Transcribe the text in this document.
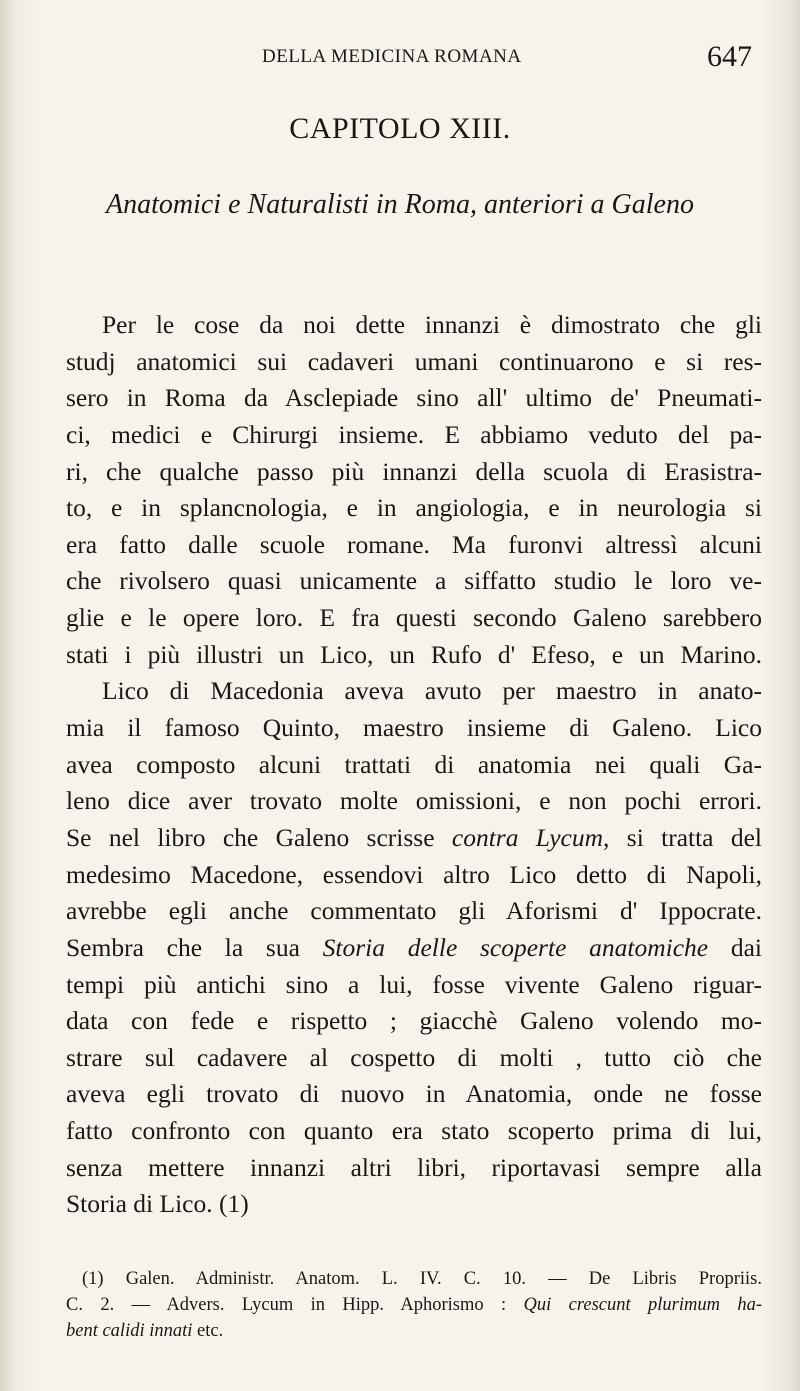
DELLA MEDICINA ROMANA	647
CAPITOLO XIII.
Anatomici e Naturalisti in Roma, anteriori a Galeno
Per le cose da noi dette innanzi è dimostrato che gli
studj anatomici sui cadaveri umani continuarono e si res-
sero in Roma da Asclepiade sino all' ultimo de' Pneumati-
ci, medici e Chirurgi insieme. E abbiamo veduto del pa-
ri, che qualche passo più innanzi della scuola di Erasistra-
to, e in splancnologia, e in angiologia, e in neurologia si
era fatto dalle scuole romane. Ma furonvi altressì alcuni
che rivolsero quasi unicamente a siffatto studio le loro ve-
glie e le opere loro. E fra questi secondo Galeno sarebbero
stati i più illustri un Lico, un Rufo d' Efeso, e un Marino.
Lico di Macedonia aveva avuto per maestro in anato-
mia il famoso Quinto, maestro insieme di Galeno. Lico
avea composto alcuni trattati di anatomia nei quali Ga-
leno dice aver trovato molte omissioni, e non pochi errori.
Se nel libro che Galeno scrisse contra Lycum, si tratta del
medesimo Macedone, essendovi altro Lico detto di Napoli,
avrebbe egli anche commentato gli Aforismi d' Ippocrate.
Sembra che la sua Storia delle scoperte anatomiche dai
tempi più antichi sino a lui, fosse vivente Galeno riguar-
data con fede e rispetto ; giacchè Galeno volendo mo-
strare sul cadavere al cospetto di molti , tutto ciò che
aveva egli trovato di nuovo in Anatomia, onde ne fosse
fatto confronto con quanto era stato scoperto prima di lui,
senza mettere innanzi altri libri, riportavasi sempre alla
Storia di Lico. (1)
(1) Galen. Administr. Anatom. L. IV. C. 10. — De Libris Propriis.
C. 2. — Advers. Lycum in Hipp. Aphorismo : Qui crescunt plurimum ha-
bent calidi innati etc.
